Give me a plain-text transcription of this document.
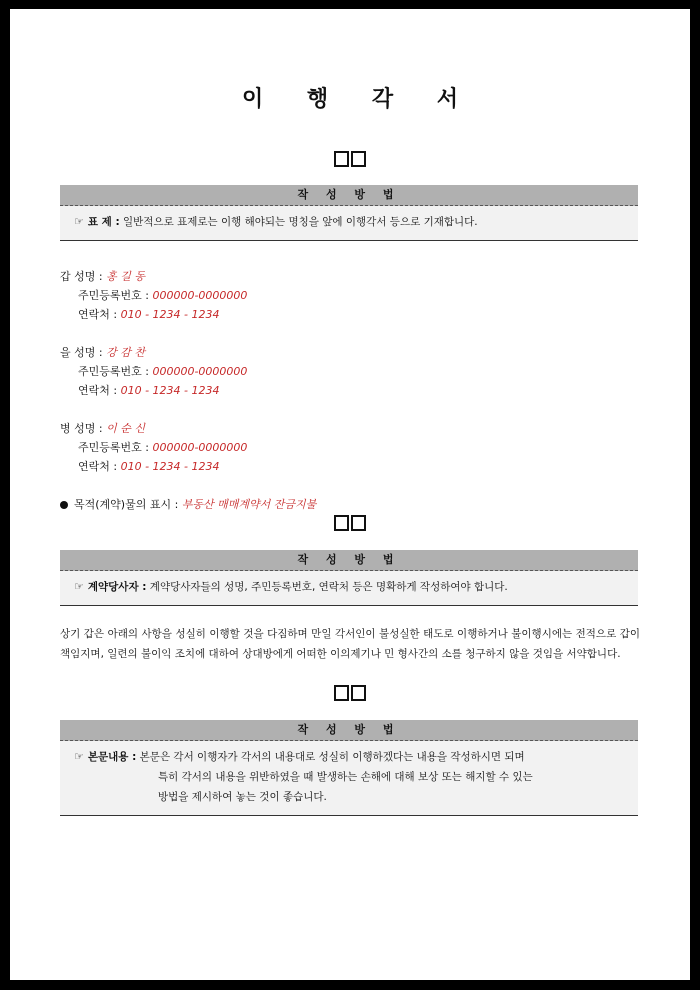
이 행 각 서
작 성 방 법
☞ 표 제 : 일반적으로 표제로는 이행 해야되는 명칭을 앞에 이행각서 등으로 기재합니다.
갑 성명 : 홍 길 동
주민등록번호 : 000000-0000000
연락처 : 010 - 1234 - 1234
을 성명 : 강 감 찬
주민등록번호 : 000000-0000000
연락처 : 010 - 1234 - 1234
병 성명 : 이 순 신
주민등록번호 : 000000-0000000
연락처 : 010 - 1234 - 1234
목적(계약)물의 표시 : 부동산 매매계약서 잔금지불
작 성 방 법
☞ 계약당사자 : 계약당사자들의 성명, 주민등록번호, 연락처 등은 명확하게 작성하여야 합니다.
상기 갑은 아래의 사항을 성실히 이행할 것을 다짐하며 만일 각서인이 불성실한 태도로 이행하거나 불이행시에는 전적으로 갑이 책임지며, 일련의 불이익 조치에 대하여 상대방에게 어떠한 이의제기나 민 형사간의 소를 청구하지 않을 것임을 서약합니다.
작 성 방 법
☞ 본문내용 : 본문은 각서 이행자가 각서의 내용대로 성실히 이행하겠다는 내용을 작성하시면 되며
특히 각서의 내용을 위반하였을 때 발생하는 손해에 대해 보상 또는 해지할 수 있는
방법을 제시하여 놓는 것이 좋습니다.
